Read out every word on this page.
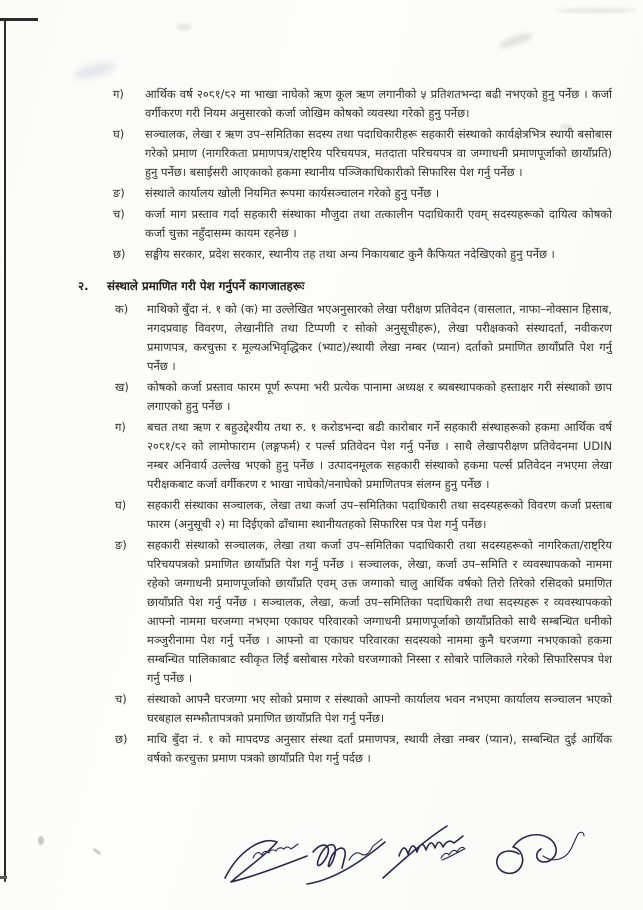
ग)	आर्थिक वर्ष २०८१/८२ मा भाखा नाघेको ऋण कूल ऋण लगानीको ५ प्रतिशतभन्दा बढी नभएको हुनु पर्नेछ । कर्जा वर्गीकरण गरी नियम अनुसारको कर्जा जोखिम कोषको व्यवस्था गरेको हुनु पर्नेछ।
घ)	सञ्चालक, लेखा र ऋण उप–समितिका सदस्य तथा पदाधिकारीहरू सहकारी संस्थाको कार्यक्षेत्रभित्र स्थायी बसोबास गरेको प्रमाण (नागरिकता प्रमाणपत्र/राष्ट्रिय परिचयपत्र, मतदाता परिचयपत्र वा जग्गाधनी प्रमाणपूर्जाको छायाँप्रति) हुनु पर्नेछ। बसाईसरी आएकाको हकमा स्थानीय पञ्जिकाधिकारीको सिफारिस पेश गर्नु पर्नेछ ।
ङ)	संस्थाले कार्यालय खोली नियमित रूपमा कार्यसञ्चालन गरेको हुनु पर्नेछ ।
च)	कर्जा माग प्रस्ताव गर्दा सहकारी संस्थाका मौजुदा तथा तत्कालीन पदाधिकारी एवम् सदस्यहरूको दायित्व कोषको कर्जा चुक्ता नहुँदासम्म कायम रहनेछ ।
छ)	सङ्घीय सरकार, प्रदेश सरकार, स्थानीय तह तथा अन्य निकायबाट कुनै कैफियत नदेखिएको हुनु पर्नेछ ।
२.	संस्थाले प्रमाणित गरी पेश गर्नुपर्ने कागजातहरूः
क)	माथिको बुँदा नं. १ को (क) मा उल्लेखित भएअनुसारको लेखा परीक्षण प्रतिवेदन (वासलात, नाफा–नोक्सान हिसाब, नगदप्रवाह विवरण, लेखानीति तथा टिप्पणी र सोको अनुसूचीहरू), लेखा परीक्षकको संस्थादर्ता, नवीकरण प्रमाणपत्र, करचुक्ता र मूल्यअभिवृद्धिकर (भ्याट)/स्थायी लेखा नम्बर (प्यान) दर्ताको प्रमाणित छायाँप्रति पेश गर्नु पर्नेछ ।
ख)	कोषको कर्जा प्रस्ताव फारम पूर्ण रूपमा भरी प्रत्येक पानामा अध्यक्ष र ब्यबस्थापकको हस्ताक्षर गरी संस्थाको छाप लगाएको हुनु पर्नेछ ।
ग)	बचत तथा ऋण र बहुउद्देश्यीय तथा रु. १ करोडभन्दा बढी कारोबार गर्ने सहकारी संस्थाहरूको हकमा आर्थिक वर्ष २०८१/८२ को लामोफाराम (लङ्गफर्म) र पर्ल्स प्रतिवेदन पेश गर्नु पर्नेछ । साथै लेखापरीक्षण प्रतिवेदनमा UDIN नम्बर अनिवार्य उल्लेख भएको हुनु पर्नेछ । उत्पादनमूलक सहकारी संस्थाको हकमा पर्ल्स प्रतिवेदन नभएमा लेखा परीक्षकबाट कर्जा वर्गीकरण र भाखा नाघेको/ननाघेको प्रमाणितपत्र संलग्न हुनु पर्नेछ ।
घ)	सहकारी संस्थाका सञ्चालक, लेखा तथा कर्जा उप–समितिका पदाधिकारी तथा सदस्यहरूको विवरण कर्जा प्रस्ताब फारम (अनुसूची २) मा दिईएको ढाँचामा स्थानीयतहको सिफारिस पत्र पेश गर्नु पर्नेछ।
ङ)	सहकारी संस्थाको सञ्चालक, लेखा तथा कर्जा उप–समितिका पदाधिकारी तथा सदस्यहरूको नागरिकता/राष्ट्रिय परिचयपत्रको प्रमाणित छायाँप्रति पेश गर्नु पर्नेछ । सञ्चालक, लेखा, कर्जा उप–समिति र व्यवस्थापकको नाममा रहेको जग्गाधनी प्रमाणपूर्जाको छायाँप्रति एवम् उक्त जग्गाको चालु आर्थिक वर्षको तिरो तिरेको रसिदको प्रमाणित छायाँप्रति पेश गर्नु पर्नेछ । सञ्चालक, लेखा, कर्जा उप–समितिका पदाधिकारी तथा सदस्यहरू र व्यवस्थापकको आफ्नो नाममा घरजग्गा नभएमा एकाघर परिवारको जग्गाधनी प्रमाणपूर्जाको छायाँप्रतिको साथै सम्बन्धित धनीको मञ्जुरीनामा पेश गर्नु पर्नेछ । आफ्नो वा एकाघर परिवारका सदस्यको नाममा कुनै घरजग्गा नभएकाको हकमा सम्बन्धित पालिकाबाट स्वीकृत लिई बसोबास गरेको घरजग्गाको निस्सा र सोबारे पालिकाले गरेको सिफारिसपत्र पेश गर्नु पर्नेछ ।
च)	संस्थाको आफ्नै घरजग्गा भए सोको प्रमाण र संस्थाको आफ्नो कार्यालय भवन नभएमा कार्यालय सञ्चालन भएको घरबहाल सम्झौतापत्रको प्रमाणित छायाँप्रति पेश गर्नु पर्नेछ।
छ)	माथि बुँदा नं. १ को मापदण्ड अनुसार संस्था दर्ता प्रमाणपत्र, स्थायी लेखा नम्बर (प्यान), सम्बन्धित दुई आर्थिक वर्षको करचुक्ता प्रमाण पत्रको छायाँप्रति पेश गर्नु पर्दछ ।
